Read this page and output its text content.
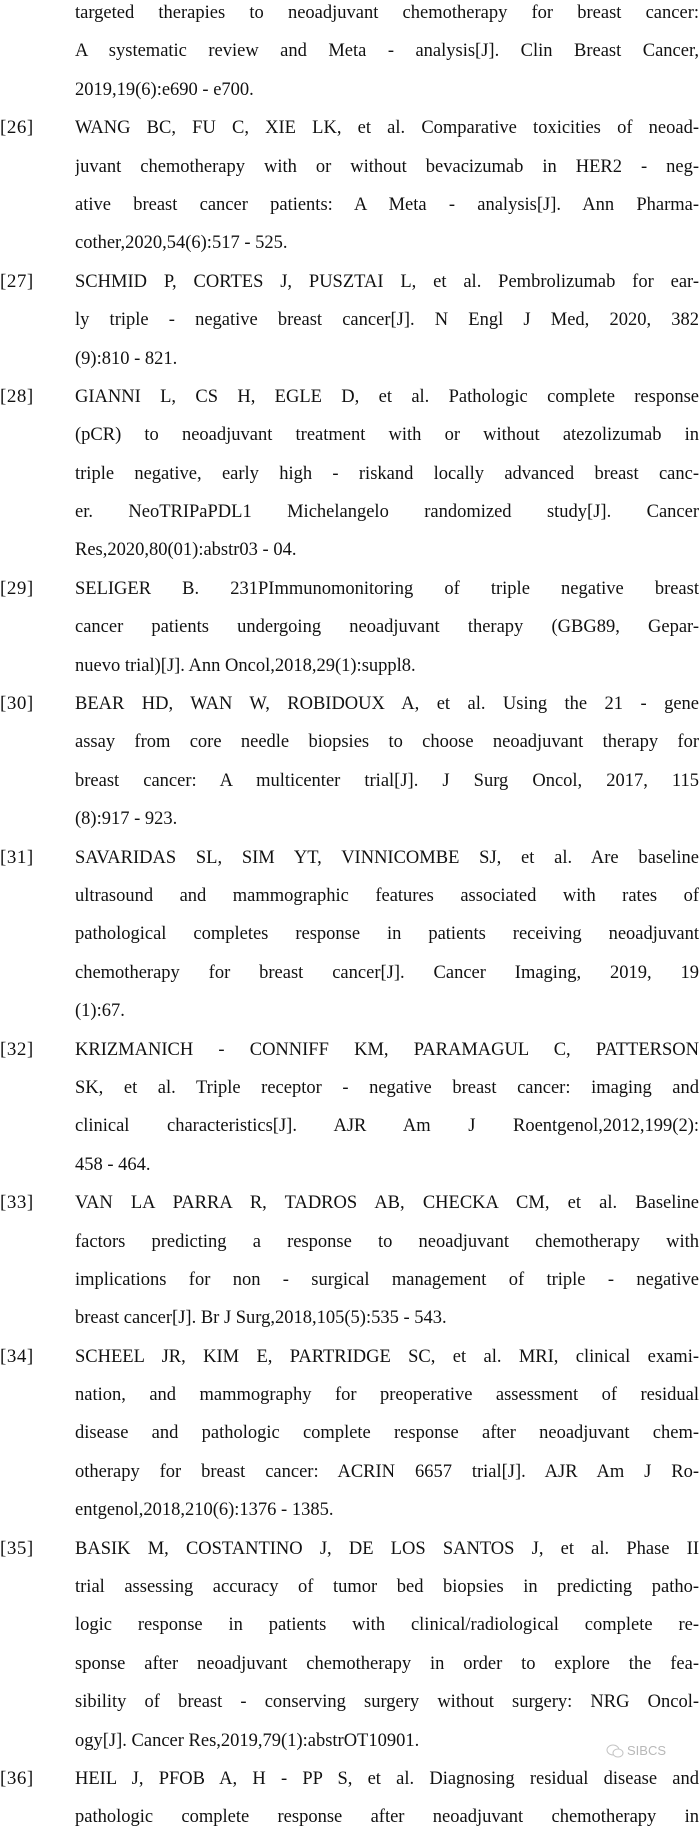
targeted therapies to neoadjuvant chemotherapy for breast cancer:
A systematic review and Meta - analysis[J]. Clin Breast Cancer,
2019,19(6):e690 - e700.
[26] WANG BC, FU C, XIE LK, et al. Comparative toxicities of neoad-
juvant chemotherapy with or without bevacizumab in HER2 - neg-
ative breast cancer patients: A Meta - analysis[J]. Ann Pharma-
cother,2020,54(6):517 - 525.
[27] SCHMID P, CORTES J, PUSZTAI L, et al. Pembrolizumab for ear-
ly triple - negative breast cancer[J]. N Engl J Med, 2020, 382
(9):810 - 821.
[28] GIANNI L, CS H, EGLE D, et al. Pathologic complete response
(pCR) to neoadjuvant treatment with or without atezolizumab in
triple negative, early high - riskand locally advanced breast canc-
er. NeoTRIPaPDL1 Michelangelo randomized study[J]. Cancer
Res,2020,80(01):abstr03 - 04.
[29] SELIGER B. 231PImmunomonitoring of triple negative breast
cancer patients undergoing neoadjuvant therapy (GBG89, Gepar-
nuevo trial)[J]. Ann Oncol,2018,29(1):suppl8.
[30] BEAR HD, WAN W, ROBIDOUX A, et al. Using the 21 - gene
assay from core needle biopsies to choose neoadjuvant therapy for
breast cancer: A multicenter trial[J]. J Surg Oncol, 2017, 115
(8):917 - 923.
[31] SAVARIDAS SL, SIM YT, VINNICOMBE SJ, et al. Are baseline
ultrasound and mammographic features associated with rates of
pathological completes response in patients receiving neoadjuvant
chemotherapy for breast cancer[J]. Cancer Imaging, 2019, 19
(1):67.
[32] KRIZMANICH - CONNIFF KM, PARAMAGUL C, PATTERSON
SK, et al. Triple receptor - negative breast cancer: imaging and
clinical characteristics[J]. AJR Am J Roentgenol,2012,199(2):
458 - 464.
[33] VAN LA PARRA R, TADROS AB, CHECKA CM, et al. Baseline
factors predicting a response to neoadjuvant chemotherapy with
implications for non - surgical management of triple - negative
breast cancer[J]. Br J Surg,2018,105(5):535 - 543.
[34] SCHEEL JR, KIM E, PARTRIDGE SC, et al. MRI, clinical exami-
nation, and mammography for preoperative assessment of residual
disease and pathologic complete response after neoadjuvant chem-
otherapy for breast cancer: ACRIN 6657 trial[J]. AJR Am J Ro-
entgenol,2018,210(6):1376 - 1385.
[35] BASIK M, COSTANTINO J, DE LOS SANTOS J, et al. Phase II
trial assessing accuracy of tumor bed biopsies in predicting patho-
logic response in patients with clinical/radiological complete re-
sponse after neoadjuvant chemotherapy in order to explore the fea-
sibility of breast - conserving surgery without surgery: NRG Oncol-
ogy[J]. Cancer Res,2019,79(1):abstrOT10901.
[36] HEIL J, PFOB A, H - PP S, et al. Diagnosing residual disease and
pathologic complete response after neoadjuvant chemotherapy in
SIBCS
